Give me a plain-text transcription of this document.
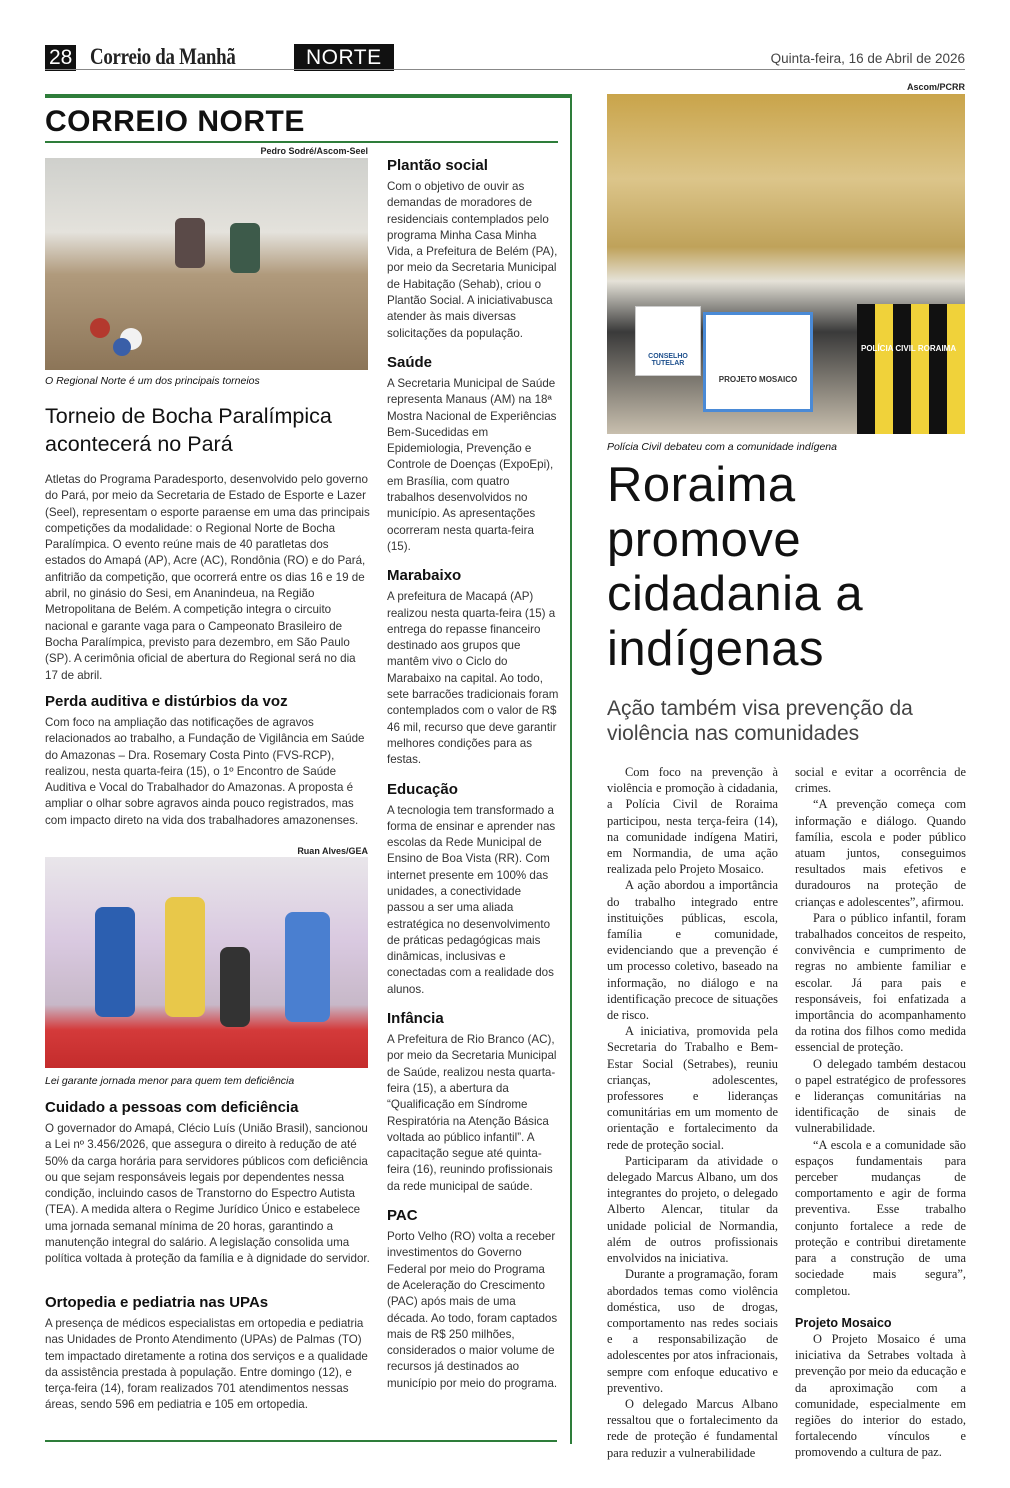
28 Correio da Manhã	NORTE	Quinta-feira, 16 de Abril de 2026
CORREIO NORTE
Pedro Sodré/Ascom-Seel
O Regional Norte é um dos principais torneios
Torneio de Bocha Paralímpica acontecerá no Pará
Atletas do Programa Paradesporto, desenvolvido pelo governo do Pará, por meio da Secretaria de Estado de Esporte e Lazer (Seel), representam o esporte paraense em uma das principais competições da modalidade: o Regional Norte de Bocha Paralímpica. O evento reúne mais de 40 paratletas dos estados do Amapá (AP), Acre (AC), Rondônia (RO) e do Pará, anfitrião da competição, que ocorrerá entre os dias 16 e 19 de abril, no ginásio do Sesi, em Ananindeua, na Região Metropolitana de Belém. A competição integra o circuito nacional e garante vaga para o Campeonato Brasileiro de Bocha Paralímpica, previsto para dezembro, em São Paulo (SP). A cerimônia oficial de abertura do Regional será no dia 17 de abril.
Perda auditiva e distúrbios da voz
Com foco na ampliação das notificações de agravos relacionados ao trabalho, a Fundação de Vigilância em Saúde do Amazonas – Dra. Rosemary Costa Pinto (FVS-RCP), realizou, nesta quarta-feira (15), o 1º Encontro de Saúde Auditiva e Vocal do Trabalhador do Amazonas. A proposta é ampliar o olhar sobre agravos ainda pouco registrados, mas com impacto direto na vida dos trabalhadores amazonenses.
Ruan Alves/GEA
Lei garante jornada menor para quem tem deficiência
Cuidado a pessoas com deficiência
O governador do Amapá, Clécio Luís (União Brasil), sancionou a Lei nº 3.456/2026, que assegura o direito à redução de até 50% da carga horária para servidores públicos com deficiência ou que sejam responsáveis legais por dependentes nessa condição, incluindo casos de Transtorno do Espectro Autista (TEA). A medida altera o Regime Jurídico Único e estabelece uma jornada semanal mínima de 20 horas, garantindo a manutenção integral do salário. A legislação consolida uma política voltada à proteção da família e à dignidade do servidor.
Ortopedia e pediatria nas UPAs
A presença de médicos especialistas em ortopedia e pediatria nas Unidades de Pronto Atendimento (UPAs) de Palmas (TO) tem impactado diretamente a rotina dos serviços e a qualidade da assistência prestada à população. Entre domingo (12), e terça-feira (14), foram realizados 701 atendimentos nessas áreas, sendo 596 em pediatria e 105 em ortopedia.
Plantão social
Com o objetivo de ouvir as demandas de moradores de residenciais contemplados pelo programa Minha Casa Minha Vida, a Prefeitura de Belém (PA), por meio da Secretaria Municipal de Habitação (Sehab), criou o Plantão Social. A iniciativabusca atender às mais diversas solicitações da população.
Saúde
A Secretaria Municipal de Saúde representa Manaus (AM) na 18ª Mostra Nacional de Experiências Bem-Sucedidas em Epidemiologia, Prevenção e Controle de Doenças (ExpoEpi), em Brasília, com quatro trabalhos desenvolvidos no município. As apresentações ocorreram nesta quarta-feira (15).
Marabaixo
A prefeitura de Macapá (AP) realizou nesta quarta-feira (15) a entrega do repasse financeiro destinado aos grupos que mantêm vivo o Ciclo do Marabaixo na capital. Ao todo, sete barracões tradicionais foram contemplados com o valor de R$ 46 mil, recurso que deve garantir melhores condições para as festas.
Educação
A tecnologia tem transformado a forma de ensinar e aprender nas escolas da Rede Municipal de Ensino de Boa Vista (RR). Com internet presente em 100% das unidades, a conectividade passou a ser uma aliada estratégica no desenvolvimento de práticas pedagógicas mais dinâmicas, inclusivas e conectadas com a realidade dos alunos.
Infância
A Prefeitura de Rio Branco (AC), por meio da Secretaria Municipal de Saúde, realizou nesta quarta-feira (15), a abertura da “Qualificação em Síndrome Respiratória na Atenção Básica voltada ao público infantil”. A capacitação segue até quinta-feira (16), reunindo profissionais da rede municipal de saúde.
PAC
Porto Velho (RO) volta a receber investimentos do Governo Federal por meio do Programa de Aceleração do Crescimento (PAC) após mais de uma década. Ao todo, foram captados mais de R$ 250 milhões, considerados o maior volume de recursos já destinados ao município por meio do programa.
Ascom/PCRR
CONSELHO TUTELAR
PROJETO MOSAICO
POLÍCIA CIVIL RORAIMA
Polícia Civil debateu com a comunidade indígena
Roraima promove cidadania a indígenas
Ação também visa prevenção da violência nas comunidades

Com foco na prevenção à violência e promoção à cidadania, a Polícia Civil de Roraima participou, nesta terça-feira (14), na comunidade indígena Matiri, em Normandia, de uma ação realizada pelo Projeto Mosaico.

A ação abordou a importância do trabalho integrado entre instituições públicas, escola, família e comunidade, evidenciando que a prevenção é um processo coletivo, baseado na informação, no diálogo e na identificação precoce de situações de risco.

A iniciativa, promovida pela Secretaria do Trabalho e Bem-Estar Social (Setrabes), reuniu crianças, adolescentes, professores e lideranças comunitárias em um momento de orientação e fortalecimento da rede de proteção social.

Participaram da atividade o delegado Marcus Albano, um dos integrantes do projeto, o delegado Alberto Alencar, titular da unidade policial de Normandia, além de outros profissionais envolvidos na iniciativa.

Durante a programação, foram abordados temas como violência doméstica, uso de drogas, comportamento nas redes sociais e a responsabilização de adolescentes por atos infracionais, sempre com enfoque educativo e preventivo.

O delegado Marcus Albano ressaltou que o fortalecimento da rede de proteção é fundamental para reduzir a vulnerabilidade

social e evitar a ocorrência de crimes.

“A prevenção começa com informação e diálogo. Quando família, escola e poder público atuam juntos, conseguimos resultados mais efetivos e duradouros na proteção de crianças e adolescentes”, afirmou.

Para o público infantil, foram trabalhados conceitos de respeito, convivência e cumprimento de regras no ambiente familiar e escolar. Já para pais e responsáveis, foi enfatizada a importância do acompanhamento da rotina dos filhos como medida essencial de proteção.

O delegado também destacou o papel estratégico de professores e lideranças comunitárias na identificação de sinais de vulnerabilidade.

“A escola e a comunidade são espaços fundamentais para perceber mudanças de comportamento e agir de forma preventiva. Esse trabalho conjunto fortalece a rede de proteção e contribui diretamente para a construção de uma sociedade mais segura”, completou.

Projeto Mosaico

O Projeto Mosaico é uma iniciativa da Setrabes voltada à prevenção por meio da educação e da aproximação com a comunidade, especialmente em regiões do interior do estado, fortalecendo vínculos e promovendo a cultura de paz.
